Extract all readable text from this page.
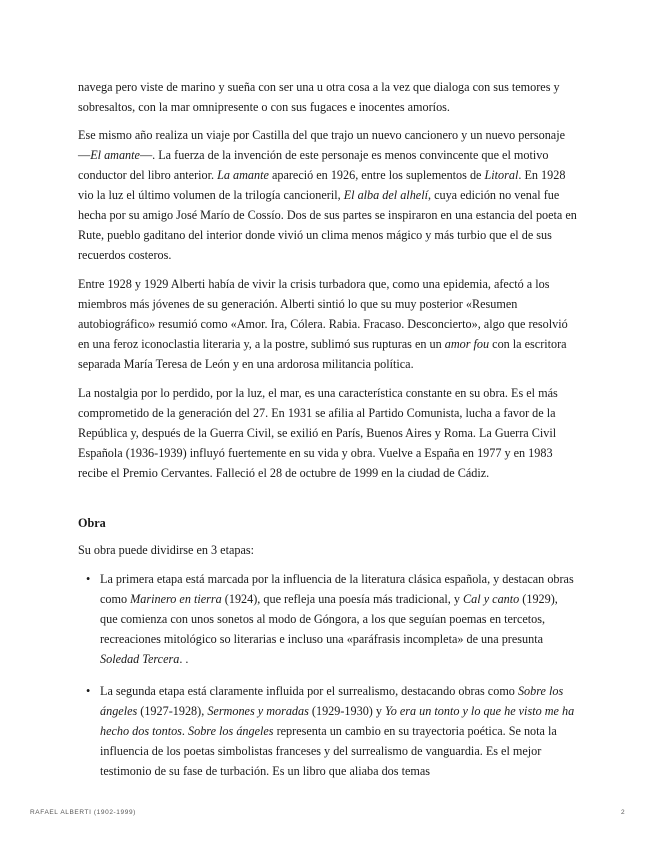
navega pero viste de marino y sueña con ser una u otra cosa a la vez que dialoga con sus temores y sobresaltos, con la mar omnipresente o con sus fugaces e inocentes amoríos.

Ese mismo año realiza un viaje por Castilla del que trajo un nuevo cancionero y un nuevo personaje —El amante—. La fuerza de la invención de este personaje es menos convincente que el motivo conductor del libro anterior. La amante apareció en 1926, entre los suplementos de Litoral. En 1928 vio la luz el último volumen de la trilogía cancioneril, El alba del alhelí, cuya edición no venal fue hecha por su amigo José Marío de Cossío. Dos de sus partes se inspiraron en una estancia del poeta en Rute, pueblo gaditano del interior donde vivió un clima menos mágico y más turbio que el de sus recuerdos costeros.

Entre 1928 y 1929 Alberti había de vivir la crisis turbadora que, como una epidemia, afectó a los miembros más jóvenes de su generación. Alberti sintió lo que su muy posterior «Resumen autobiográfico» resumió como «Amor. Ira, Cólera. Rabia. Fracaso. Desconcierto», algo que resolvió en una feroz iconoclastia literaria y, a la postre, sublimó sus rupturas en un amor fou con la escritora separada María Teresa de León y en una ardorosa militancia política.

La nostalgia por lo perdido, por la luz, el mar, es una característica constante en su obra. Es el más comprometido de la generación del 27. En 1931 se afilia al Partido Comunista, lucha a favor de la República y, después de la Guerra Civil, se exilió en París, Buenos Aires y Roma. La Guerra Civil Española (1936-1939) influyó fuertemente en su vida y obra. Vuelve a España en 1977 y en 1983 recibe el Premio Cervantes. Falleció el 28 de octubre de 1999 en la ciudad de Cádiz.

Obra

Su obra puede dividirse en 3 etapas:

• La primera etapa está marcada por la influencia de la literatura clásica española, y destacan obras como Marinero en tierra (1924), que refleja una poesía más tradicional, y Cal y canto (1929), que comienza con unos sonetos al modo de Góngora, a los que seguían poemas en tercetos, recreaciones mitológico so literarias e incluso una «paráfrasis incompleta» de una presunta Soledad Tercera. .
• La segunda etapa está claramente influida por el surrealismo, destacando obras como Sobre los ángeles (1927-1928), Sermones y moradas (1929-1930) y Yo era un tonto y lo que he visto me ha hecho dos tontos. Sobre los ángeles representa un cambio en su trayectoria poética. Se nota la influencia de los poetas simbolistas franceses y del surrealismo de vanguardia. Es el mejor testimonio de su fase de turbación. Es un libro que aliaba dos temas
RAFAEL ALBERTI (1902-1999)	2
